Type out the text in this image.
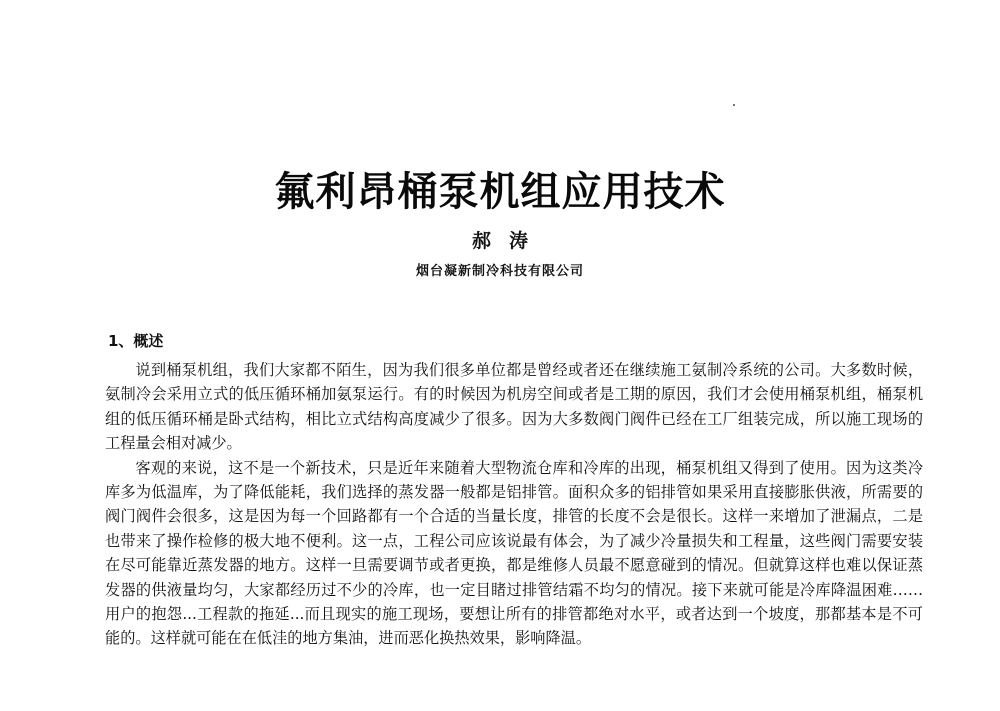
氟利昂桶泵机组应用技术
郝涛
烟台凝新制冷科技有限公司
1、概述

说到桶泵机组，我们大家都不陌生，因为我们很多单位都是曾经或者还在继续施工氨制冷系统的公司。大多数时候，氨制冷会采用立式的低压循环桶加氨泵运行。有的时候因为机房空间或者是工期的原因，我们才会使用桶泵机组，桶泵机组的低压循环桶是卧式结构，相比立式结构高度减少了很多。因为大多数阀门阀件已经在工厂组装完成，所以施工现场的工程量会相对减少。

客观的来说，这不是一个新技术，只是近年来随着大型物流仓库和冷库的出现，桶泵机组又得到了使用。因为这类冷库多为低温库，为了降低能耗，我们选择的蒸发器一般都是铝排管。面积众多的铝排管如果采用直接膨胀供液，所需要的阀门阀件会很多，这是因为每一个回路都有一个合适的当量长度，排管的长度不会是很长。这样一来增加了泄漏点，二是也带来了操作检修的极大地不便利。这一点，工程公司应该说最有体会，为了减少冷量损失和工程量，这些阀门需要安装在尽可能靠近蒸发器的地方。这样一旦需要调节或者更换，都是维修人员最不愿意碰到的情况。但就算这样也难以保证蒸发器的供液量均匀，大家都经历过不少的冷库，也一定目睹过排管结霜不均匀的情况。接下来就可能是冷库降温困难……用户的抱怨...工程款的拖延...而且现实的施工现场，要想让所有的排管都绝对水平，或者达到一个坡度，那都基本是不可能的。这样就可能在在低洼的地方集油，进而恶化换热效果，影响降温。
